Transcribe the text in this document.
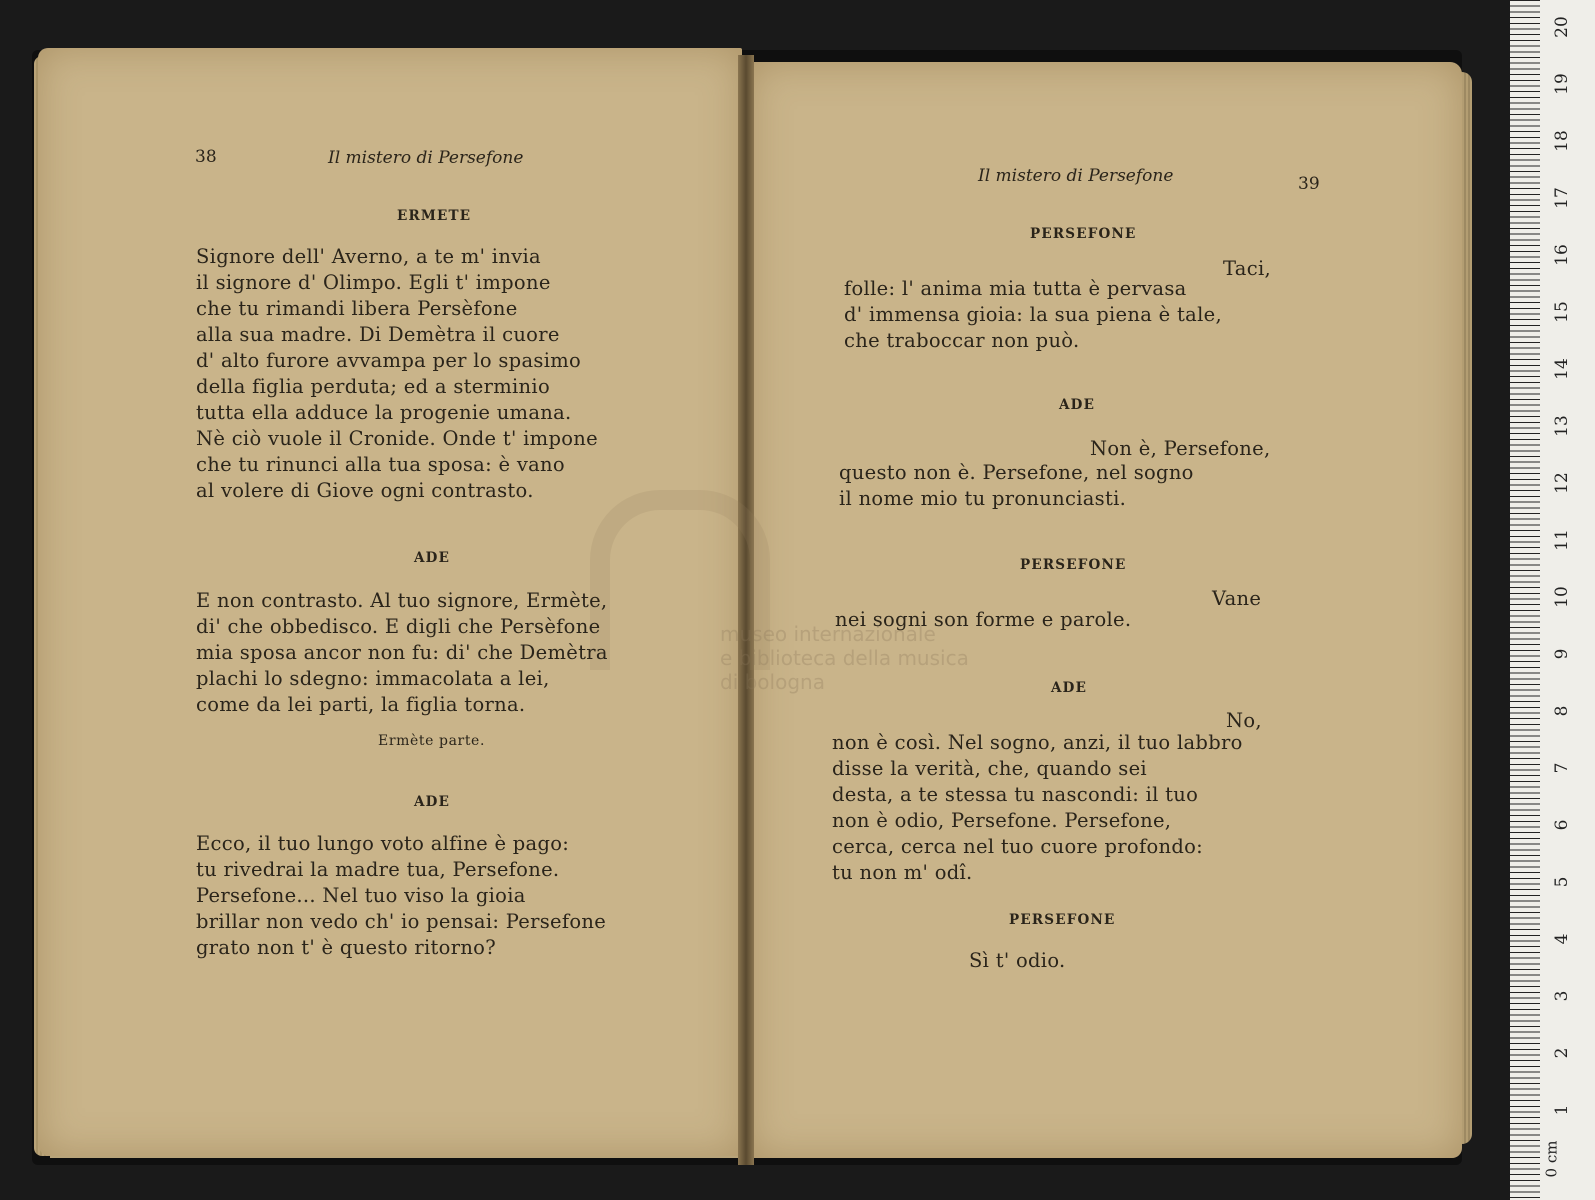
museo internazionale
e biblioteca della musica
di bologna
38	Il mistero di Persefone
ERMETE
Signore dell' Averno, a te m' invia
il signore d' Olimpo. Egli t' impone
che tu rimandi libera Persèfone
alla sua madre. Di Demètra il cuore
d' alto furore avvampa per lo spasimo
della figlia perduta; ed a sterminio
tutta ella adduce la progenie umana.
Nè ciò vuole il Cronide. Onde t' impone
che tu rinunci alla tua sposa: è vano
al volere di Giove ogni contrasto.
ADE
E non contrasto. Al tuo signore, Ermète,
di' che obbedisco. E digli che Persèfone
mia sposa ancor non fu: di' che Demètra
plachi lo sdegno: immacolata a lei,
come da lei parti, la figlia torna.
Ermète parte.
ADE
Ecco, il tuo lungo voto alfine è pago:
tu rivedrai la madre tua, Persefone.
Persefone... Nel tuo viso la gioia
brillar non vedo ch' io pensai: Persefone
grato non t' è questo ritorno?
Il mistero di Persefone	39
PERSEFONE
Taci,
folle: l' anima mia tutta è pervasa
d' immensa gioia: la sua piena è tale,
che traboccar non può.
ADE
Non è, Persefone,
questo non è. Persefone, nel sogno
il nome mio tu pronunciasti.
PERSEFONE
Vane
nei sogni son forme e parole.
ADE
No,
non è così. Nel sogno, anzi, il tuo labbro
disse la verità, che, quando sei
desta, a te stessa tu nascondi: il tuo
non è odio, Persefone. Persefone,
cerca, cerca nel tuo cuore profondo:
tu non m' odî.
PERSEFONE
Sì t' odio.
1
2
3
4
5
6
7
8
9
10
11
12
13
14
15
16
17
18
19
20
0 cm
